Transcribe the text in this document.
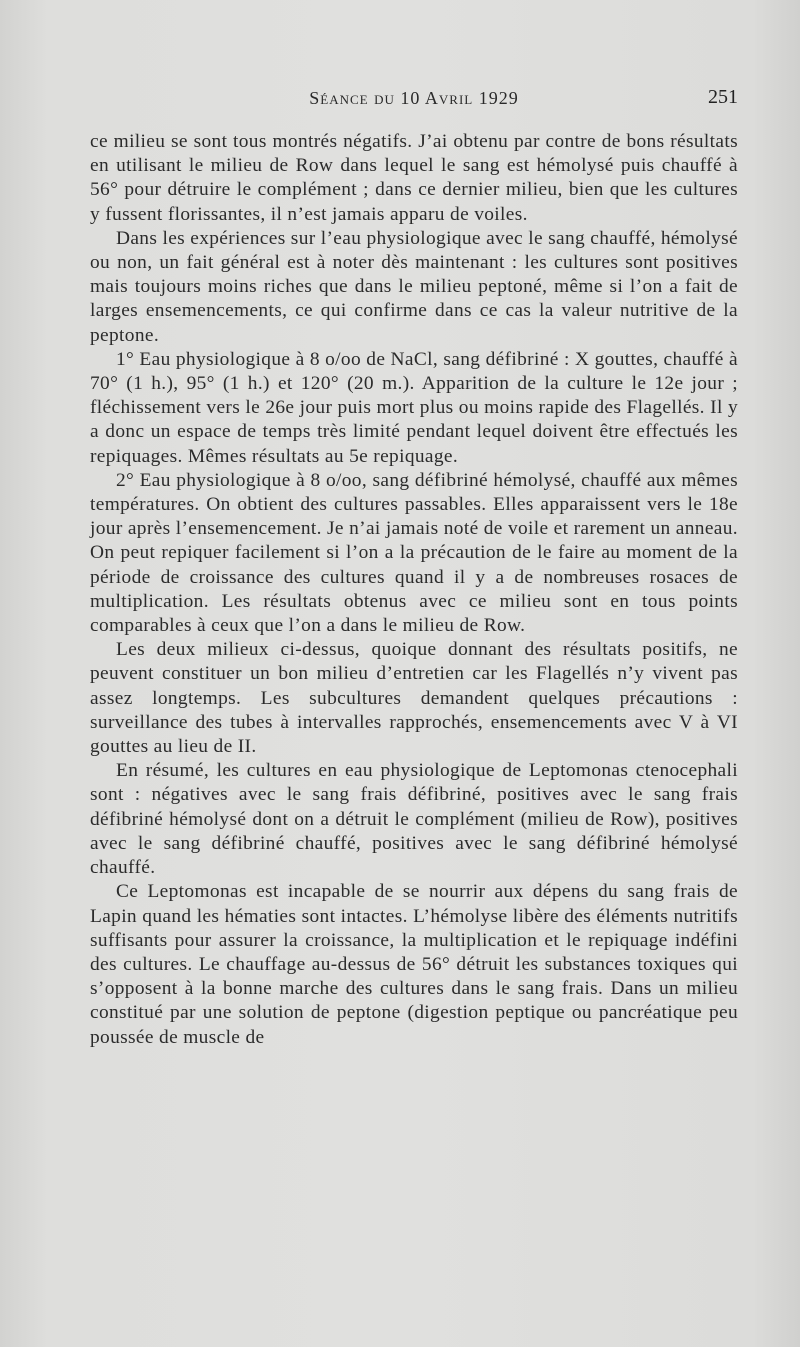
Séance du 10 Avril 1929	251

ce milieu se sont tous montrés négatifs. J’ai obtenu par contre de bons résultats en utilisant le milieu de Row dans lequel le sang est hémolysé puis chauffé à 56° pour détruire le complément ; dans ce dernier milieu, bien que les cultures y fussent florissantes, il n’est jamais apparu de voiles.

Dans les expériences sur l’eau physiologique avec le sang chauffé, hémolysé ou non, un fait général est à noter dès maintenant : les cultures sont positives mais toujours moins riches que dans le milieu peptoné, même si l’on a fait de larges ensemencements, ce qui confirme dans ce cas la valeur nutritive de la peptone.

1° Eau physiologique à 8 o/oo de NaCl, sang défibriné : X gouttes, chauffé à 70° (1 h.), 95° (1 h.) et 120° (20 m.). Apparition de la culture le 12e jour ; fléchissement vers le 26e jour puis mort plus ou moins rapide des Flagellés. Il y a donc un espace de temps très limité pendant lequel doivent être effectués les repiquages. Mêmes résultats au 5e repiquage.

2° Eau physiologique à 8 o/oo, sang défibriné hémolysé, chauffé aux mêmes températures. On obtient des cultures passables. Elles apparaissent vers le 18e jour après l’ensemencement. Je n’ai jamais noté de voile et rarement un anneau. On peut repiquer facilement si l’on a la précaution de le faire au moment de la période de croissance des cultures quand il y a de nombreuses rosaces de multiplication. Les résultats obtenus avec ce milieu sont en tous points comparables à ceux que l’on a dans le milieu de Row.

Les deux milieux ci-dessus, quoique donnant des résultats positifs, ne peuvent constituer un bon milieu d’entretien car les Flagellés n’y vivent pas assez longtemps. Les subcultures demandent quelques précautions : surveillance des tubes à intervalles rapprochés, ensemencements avec V à VI gouttes au lieu de II.

En résumé, les cultures en eau physiologique de Leptomonas ctenocephali sont : négatives avec le sang frais défibriné, positives avec le sang frais défibriné hémolysé dont on a détruit le complément (milieu de Row), positives avec le sang défibriné chauffé, positives avec le sang défibriné hémolysé chauffé.

Ce Leptomonas est incapable de se nourrir aux dépens du sang frais de Lapin quand les hématies sont intactes. L’hémolyse libère des éléments nutritifs suffisants pour assurer la croissance, la multiplication et le repiquage indéfini des cultures. Le chauffage au-dessus de 56° détruit les substances toxiques qui s’opposent à la bonne marche des cultures dans le sang frais. Dans un milieu constitué par une solution de peptone (digestion peptique ou pancréatique peu poussée de muscle de
